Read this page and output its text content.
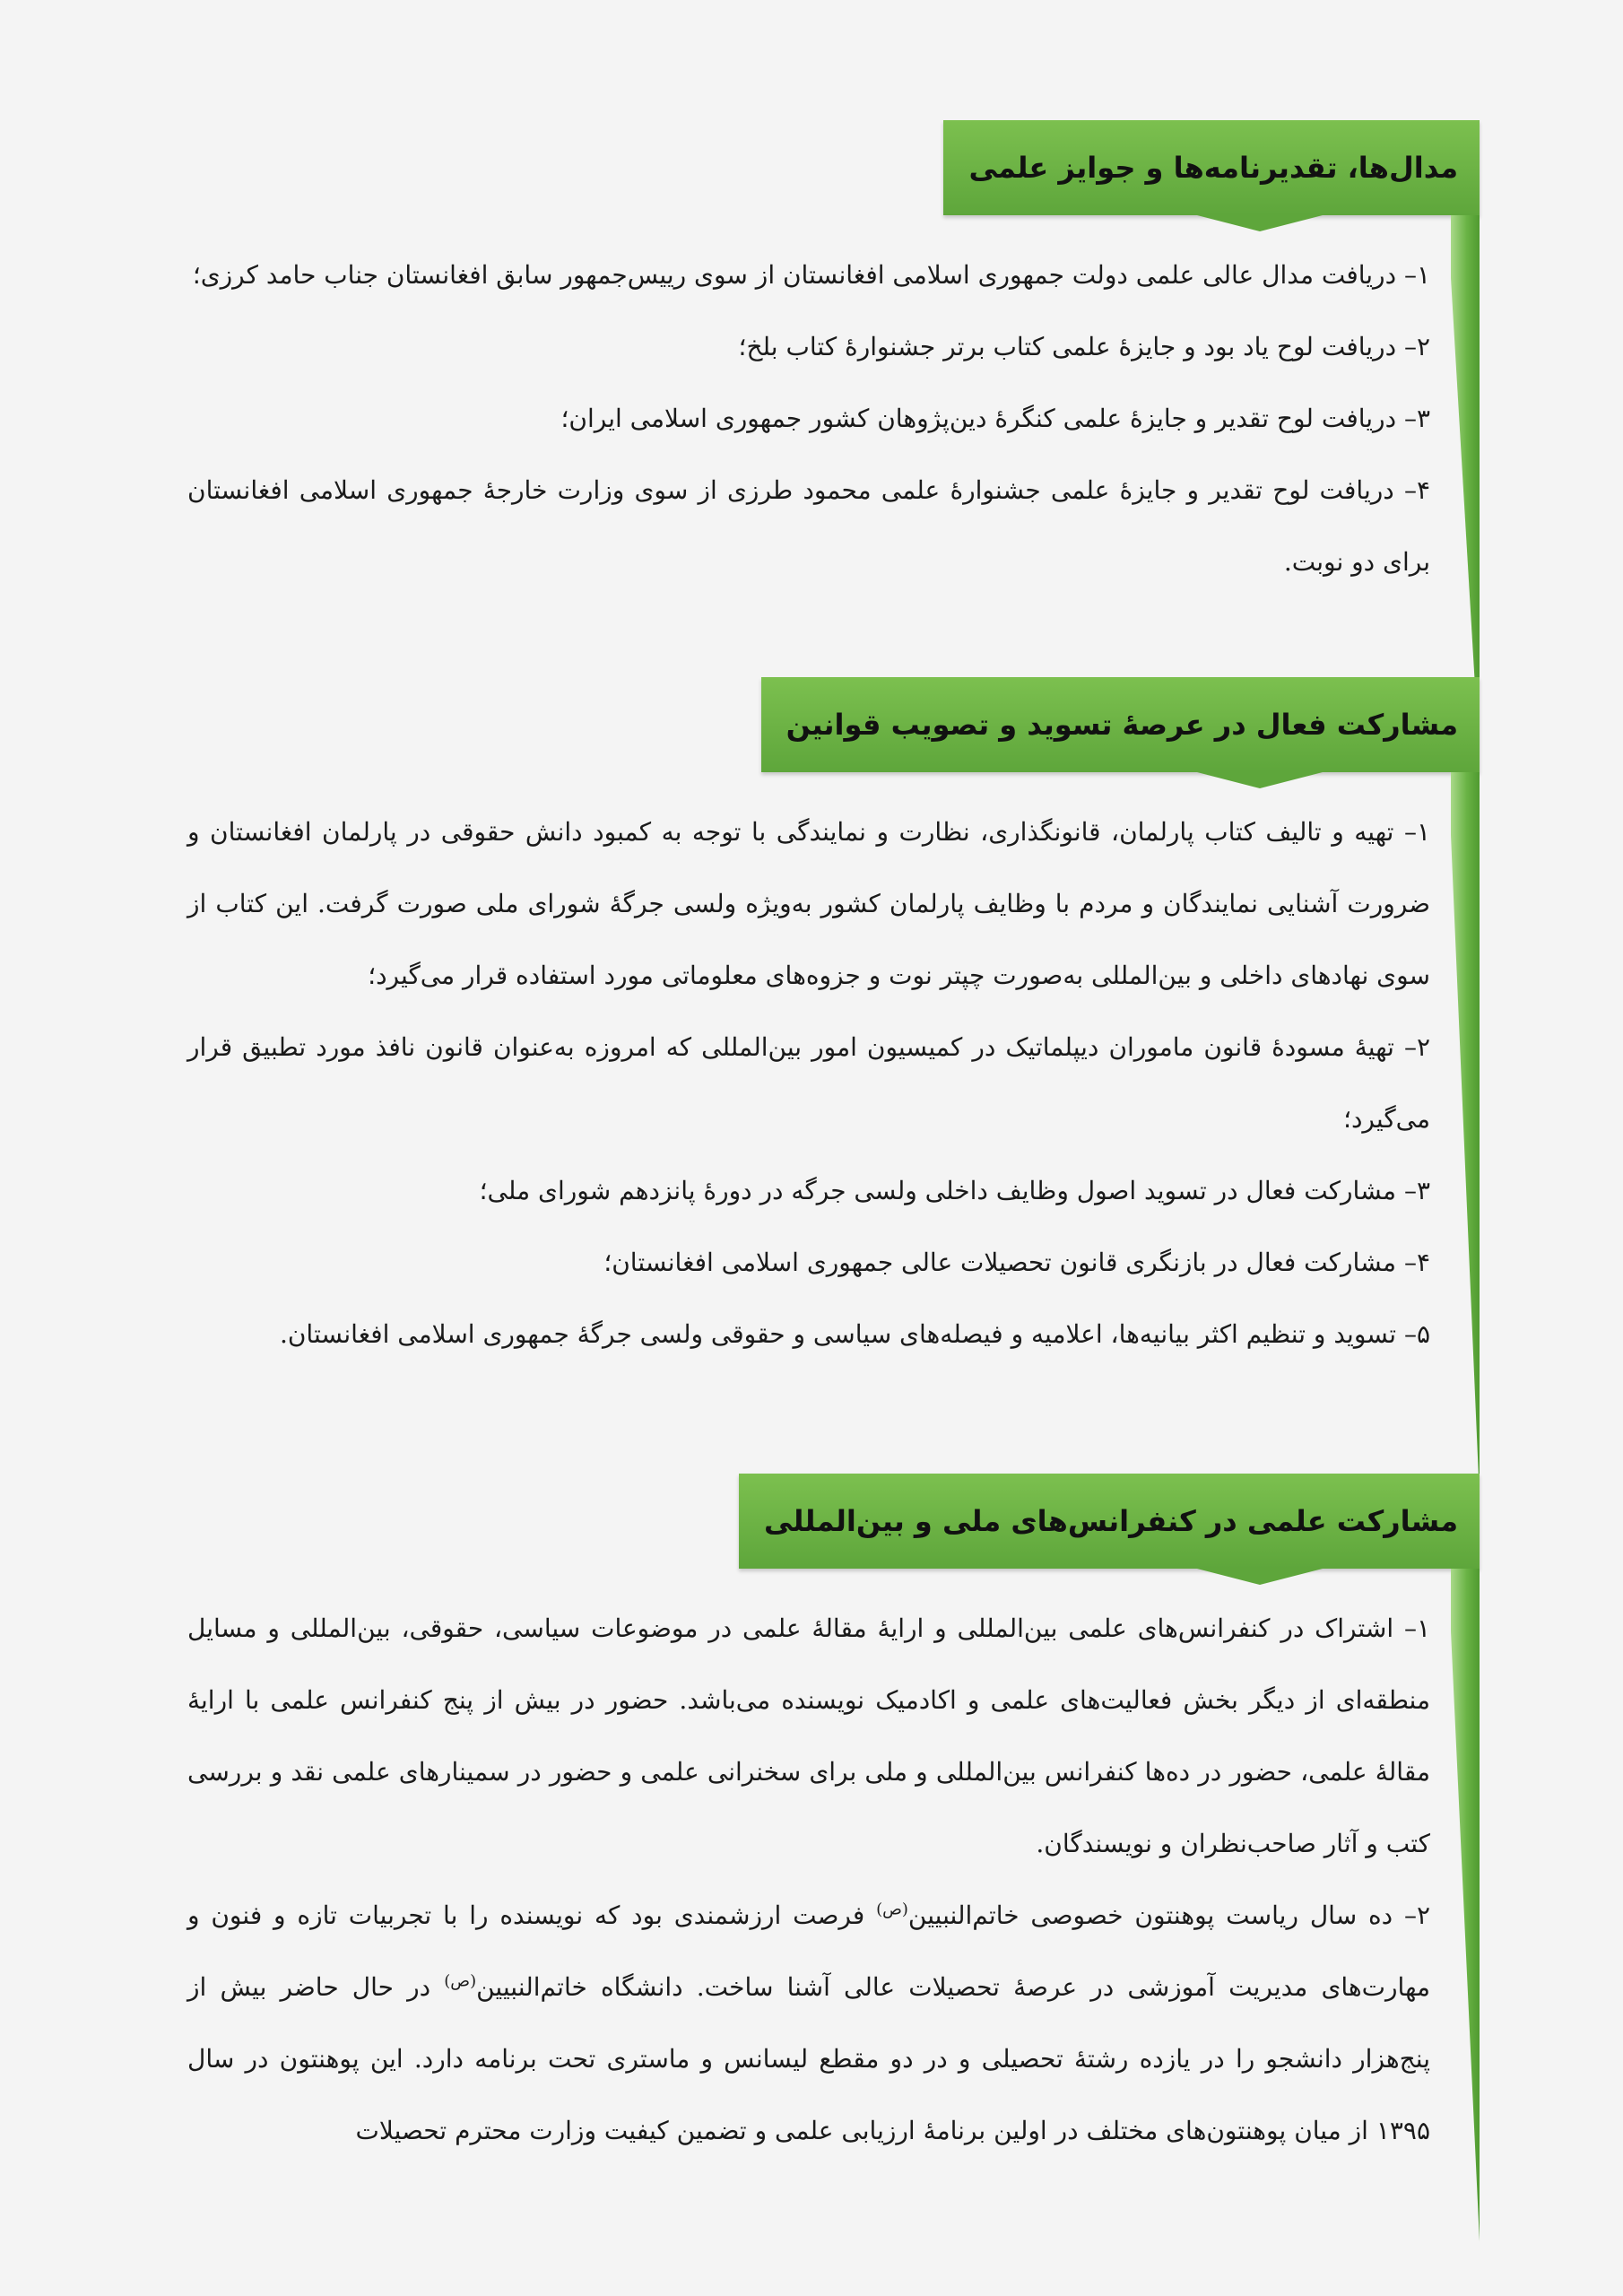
مدال‌ها، تقدیرنامه‌ها و جوایز علمی

۱– دریافت مدال عالی علمی دولت جمهوری اسلامی افغانستان از سوی رییس‌جمهور سابق افغانستان جناب حامد کرزی؛

۲– دریافت لوح یاد بود و جایزۀ علمی کتاب برتر جشنوارۀ کتاب بلخ؛

۳– دریافت لوح تقدیر و جایزۀ علمی کنگرۀ دین‌پژوهان کشور جمهوری اسلامی ایران؛

۴– دریافت لوح تقدیر و جایزۀ علمی جشنوارۀ علمی محمود طرزی از سوی وزارت خارجۀ جمهوری اسلامی افغانستان برای دو نوبت.

مشارکت فعال در عرصۀ تسوید و تصویب قوانین

۱– تهیه و تالیف کتاب پارلمان، قانونگذاری، نظارت و نمایندگی با توجه به کمبود دانش حقوقی در پارلمان افغانستان و ضرورت آشنایی نمایندگان و مردم با وظایف پارلمان کشور به‌ویژه ولسی جرگۀ شورای ملی صورت گرفت. این کتاب از سوی نهادهای داخلی و بین‌المللی به‌صورت چپتر نوت و جزوه‌های معلوماتی مورد استفاده قرار می‌گیرد؛

۲– تهیۀ مسودۀ قانون ماموران دیپلماتیک در کمیسیون امور بین‌المللی که امروزه به‌عنوان قانون نافذ مورد تطبیق قرار می‌گیرد؛

۳– مشارکت فعال در تسوید اصول وظایف داخلی ولسی جرگه در دورۀ پانزدهم شورای ملی؛

۴– مشارکت فعال در بازنگری قانون تحصیلات عالی جمهوری اسلامی افغانستان؛

۵– تسوید و تنظیم اکثر بیانیه‌ها، اعلامیه و فیصله‌های سیاسی و حقوقی ولسی جرگۀ جمهوری اسلامی افغانستان.

مشارکت علمی در کنفرانس‌های ملی و بین‌المللی

۱– اشتراک در کنفرانس‌های علمی بین‌المللی و ارایۀ مقالۀ علمی در موضوعات سیاسی، حقوقی، بین‌المللی و مسایل منطقه‌ای از دیگر بخش فعالیت‌های علمی و اکادمیک نویسنده می‌باشد. حضور در بیش از پنج کنفرانس علمی با ارایۀ مقالۀ علمی، حضور در ده‌ها کنفرانس بین‌المللی و ملی برای سخنرانی علمی و حضور در سمینارهای علمی نقد و بررسی کتب و آثار صاحب‌نظران و نویسندگان.

۲– ده سال ریاست پوهنتون خصوصی خاتم‌النبیین$^{(ص)}$ فرصت ارزشمندی بود که نویسنده را با تجربیات تازه و فنون و مهارت‌های مدیریت آموزشی در عرصۀ تحصیلات عالی آشنا ساخت. دانشگاه خاتم‌النبیین$^{(ص)}$ در حال حاضر بیش از پنج‌هزار دانشجو را در یازده رشتۀ تحصیلی و در دو مقطع لیسانس و ماستری تحت برنامه دارد. این پوهنتون در سال ۱۳۹۵ از میان پوهنتون‌های مختلف در اولین برنامۀ ارزیابی علمی و تضمین کیفیت وزارت محترم تحصیلات
